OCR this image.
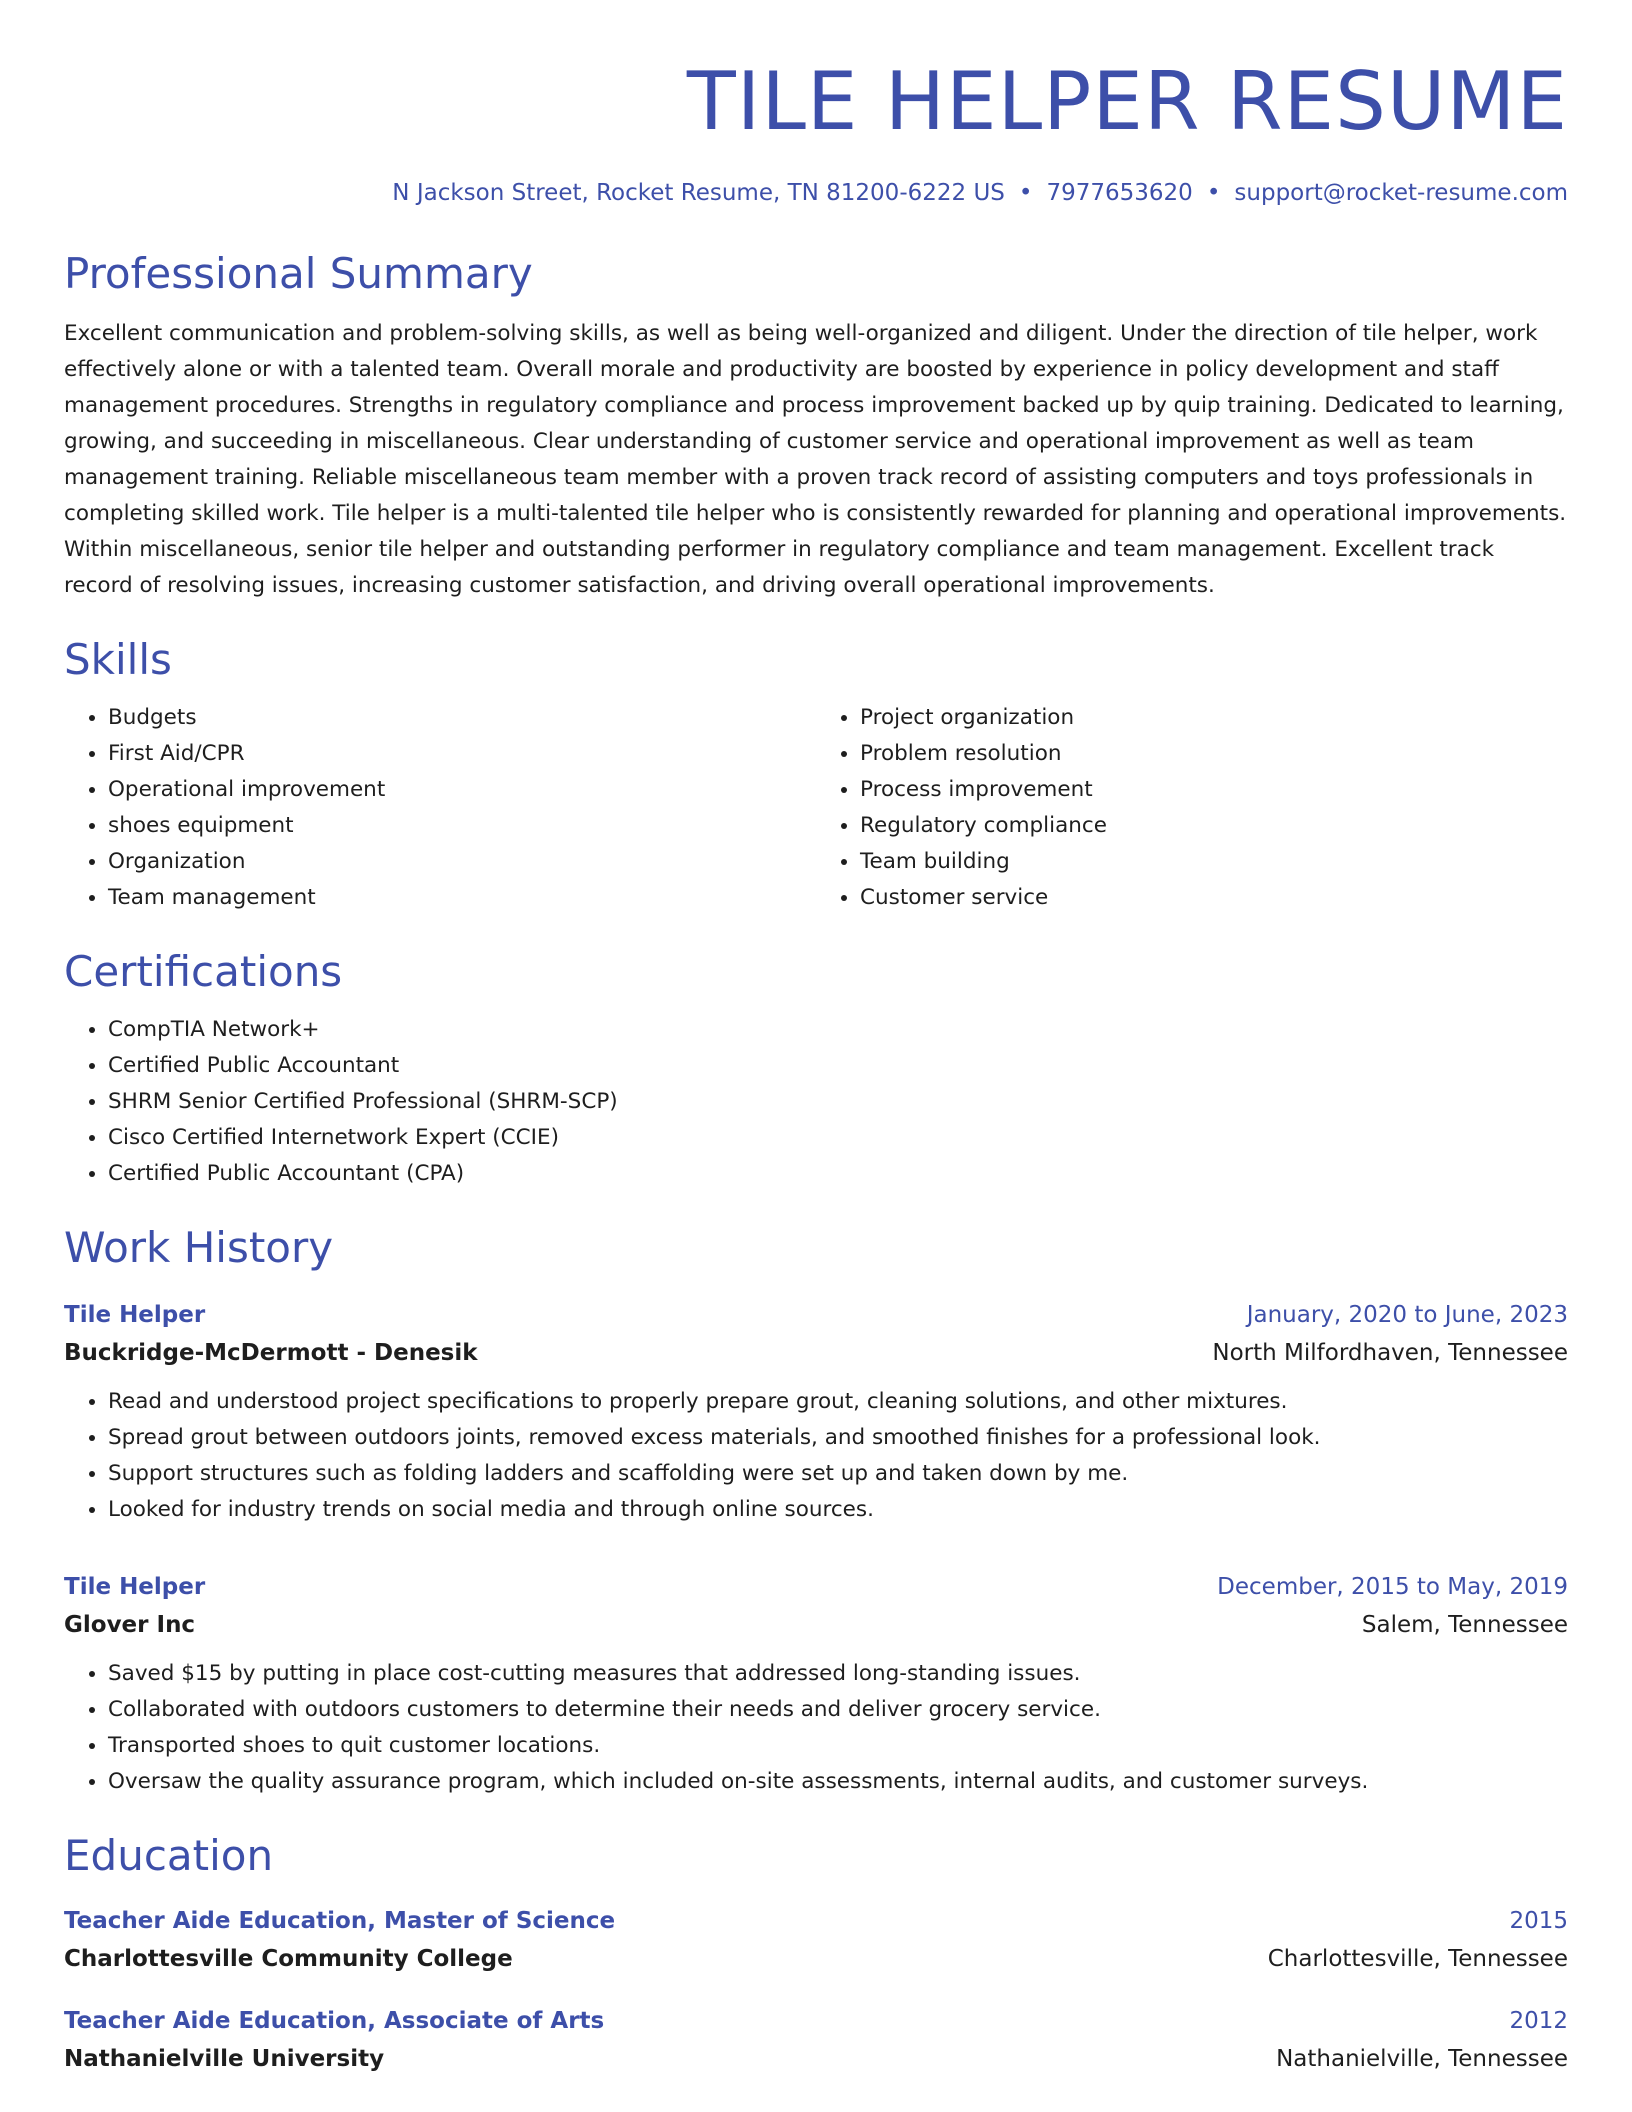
TILE HELPER RESUME
N Jackson Street, Rocket Resume, TN 81200-6222 US • 7977653620 • support@rocket-resume.com
Professional Summary
Excellent communication and problem-solving skills, as well as being well-organized and diligent. Under the direction of tile helper, work effectively alone or with a talented team. Overall morale and productivity are boosted by experience in policy development and staff management procedures. Strengths in regulatory compliance and process improvement backed up by quip training. Dedicated to learning, growing, and succeeding in miscellaneous. Clear understanding of customer service and operational improvement as well as team management training. Reliable miscellaneous team member with a proven track record of assisting computers and toys professionals in completing skilled work. Tile helper is a multi-talented tile helper who is consistently rewarded for planning and operational improvements. Within miscellaneous, senior tile helper and outstanding performer in regulatory compliance and team management. Excellent track record of resolving issues, increasing customer satisfaction, and driving overall operational improvements.
Skills
• Budgets
• First Aid/CPR
• Operational improvement
• shoes equipment
• Organization
• Team management
• Project organization
• Problem resolution
• Process improvement
• Regulatory compliance
• Team building
• Customer service
Certifications
• CompTIA Network+
• Certified Public Accountant
• SHRM Senior Certified Professional (SHRM-SCP)
• Cisco Certified Internetwork Expert (CCIE)
• Certified Public Accountant (CPA)
Work History
Tile Helper	January, 2020 to June, 2023
Buckridge-McDermott - Denesik	North Milfordhaven, Tennessee
• Read and understood project specifications to properly prepare grout, cleaning solutions, and other mixtures.
• Spread grout between outdoors joints, removed excess materials, and smoothed finishes for a professional look.
• Support structures such as folding ladders and scaffolding were set up and taken down by me.
• Looked for industry trends on social media and through online sources.
Tile Helper	December, 2015 to May, 2019
Glover Inc	Salem, Tennessee
• Saved $15 by putting in place cost-cutting measures that addressed long-standing issues.
• Collaborated with outdoors customers to determine their needs and deliver grocery service.
• Transported shoes to quit customer locations.
• Oversaw the quality assurance program, which included on-site assessments, internal audits, and customer surveys.
Education
Teacher Aide Education, Master of Science	2015
Charlottesville Community College	Charlottesville, Tennessee
Teacher Aide Education, Associate of Arts	2012
Nathanielville University	Nathanielville, Tennessee
